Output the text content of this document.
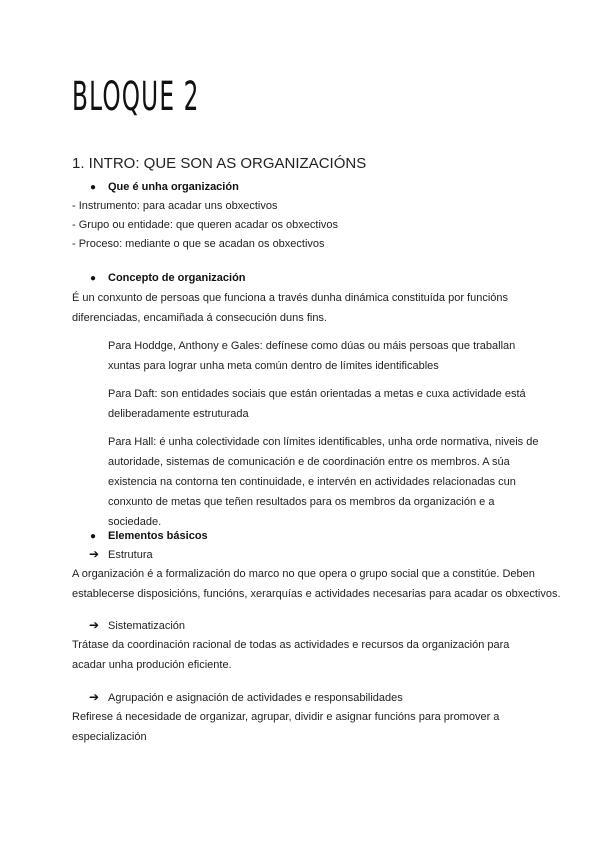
BLOQUE 2
1. INTRO: QUE SON AS ORGANIZACIÓNS
● Que é unha organización
- Instrumento: para acadar uns obxectivos
- Grupo ou entidade: que queren acadar os obxectivos
- Proceso: mediante o que se acadan os obxectivos
● Concepto de organización
É un conxunto de persoas que funciona a través dunha dinámica constituída por funcións diferenciadas, encamiñada á consecución duns fins.
Para Hoddge, Anthony e Gales: defínese como dúas ou máis persoas que traballan xuntas para lograr unha meta común dentro de límites identificables
Para Daft: son entidades sociais que están orientadas a metas e cuxa actividade está deliberadamente estruturada
Para Hall: é unha colectividade con límites identificables, unha orde normativa, niveis de autoridade, sistemas de comunicación e de coordinación entre os membros. A súa existencia na contorna ten continuidade, e intervén en actividades relacionadas cun conxunto de metas que teñen resultados para os membros da organización e a sociedade.
● Elementos básicos
➔ Estrutura
A organización é a formalización do marco no que opera o grupo social que a constitúe. Deben establecerse disposicións, funcións, xerarquías e actividades necesarias para acadar os obxectivos.
➔ Sistematización
Trátase da coordinación racional de todas as actividades e recursos da organización para acadar unha produción eficiente.
➔ Agrupación e asignación de actividades e responsabilidades
Refirese á necesidade de organizar, agrupar, dividir e asignar funcións para promover a especialización
